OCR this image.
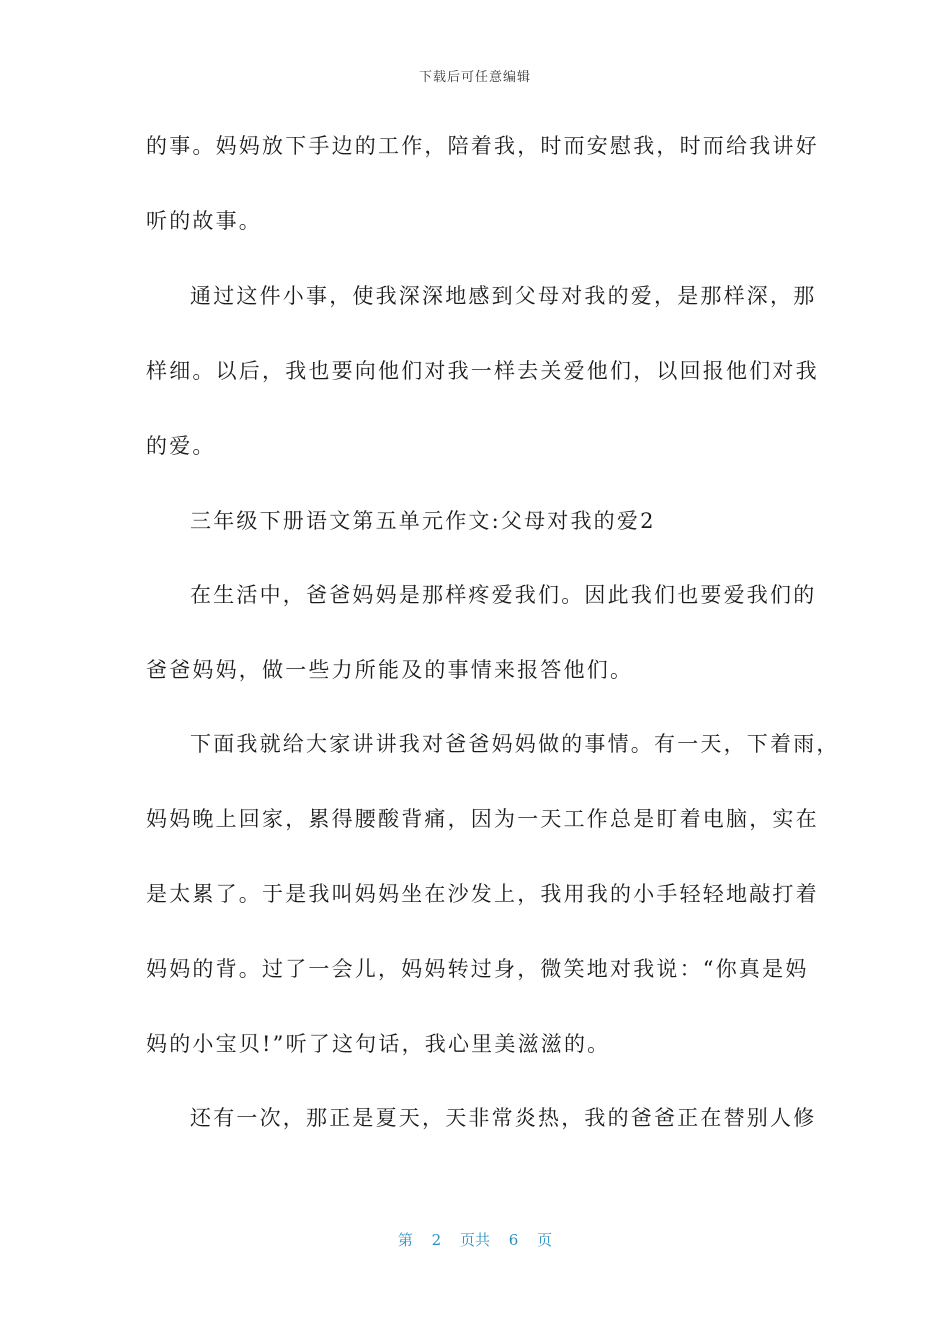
下载后可任意编辑
的事。妈妈放下手边的工作，陪着我，时而安慰我，时而给我讲好
听的故事。
通过这件小事，使我深深地感到父母对我的爱，是那样深，那
样细。以后，我也要向他们对我一样去关爱他们，以回报他们对我
的爱。
三年级下册语文第五单元作文:父母对我的爱2
在生活中，爸爸妈妈是那样疼爱我们。因此我们也要爱我们的
爸爸妈妈，做一些力所能及的事情来报答他们。
下面我就给大家讲讲我对爸爸妈妈做的事情。有一天，下着雨，
妈妈晚上回家，累得腰酸背痛，因为一天工作总是盯着电脑，实在
是太累了。于是我叫妈妈坐在沙发上，我用我的小手轻轻地敲打着
妈妈的背。过了一会儿，妈妈转过身，微笑地对我说：“你真是妈
妈的小宝贝!”听了这句话，我心里美滋滋的。
还有一次，那正是夏天，天非常炎热，我的爸爸正在替别人修
第 2 页共 6 页
